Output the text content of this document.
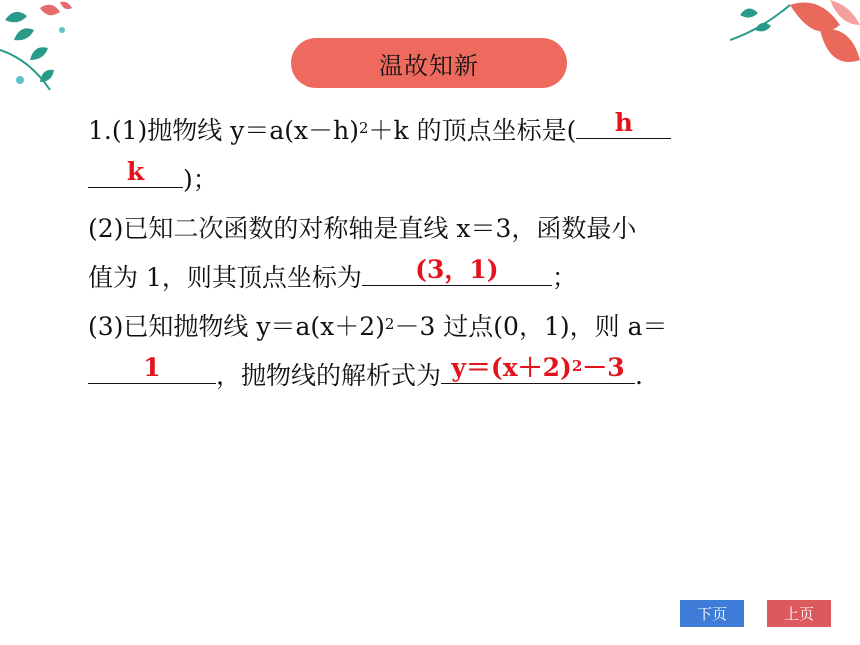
温故知新
1.(1)抛物线 $y=a(x-h)^2+k$ 的顶点坐标是(	h
k	)；
(2)已知二次函数的对称轴是直线 x＝3，函数最小
值为 1，则其顶点坐标为	(3，1)	；
(3)已知抛物线 $y=a(x+2)^2-3$ 过点(0，1)，则 a＝
1	，抛物线的解析式为 $y=(x+2)^2-3$ .
下页	上页
